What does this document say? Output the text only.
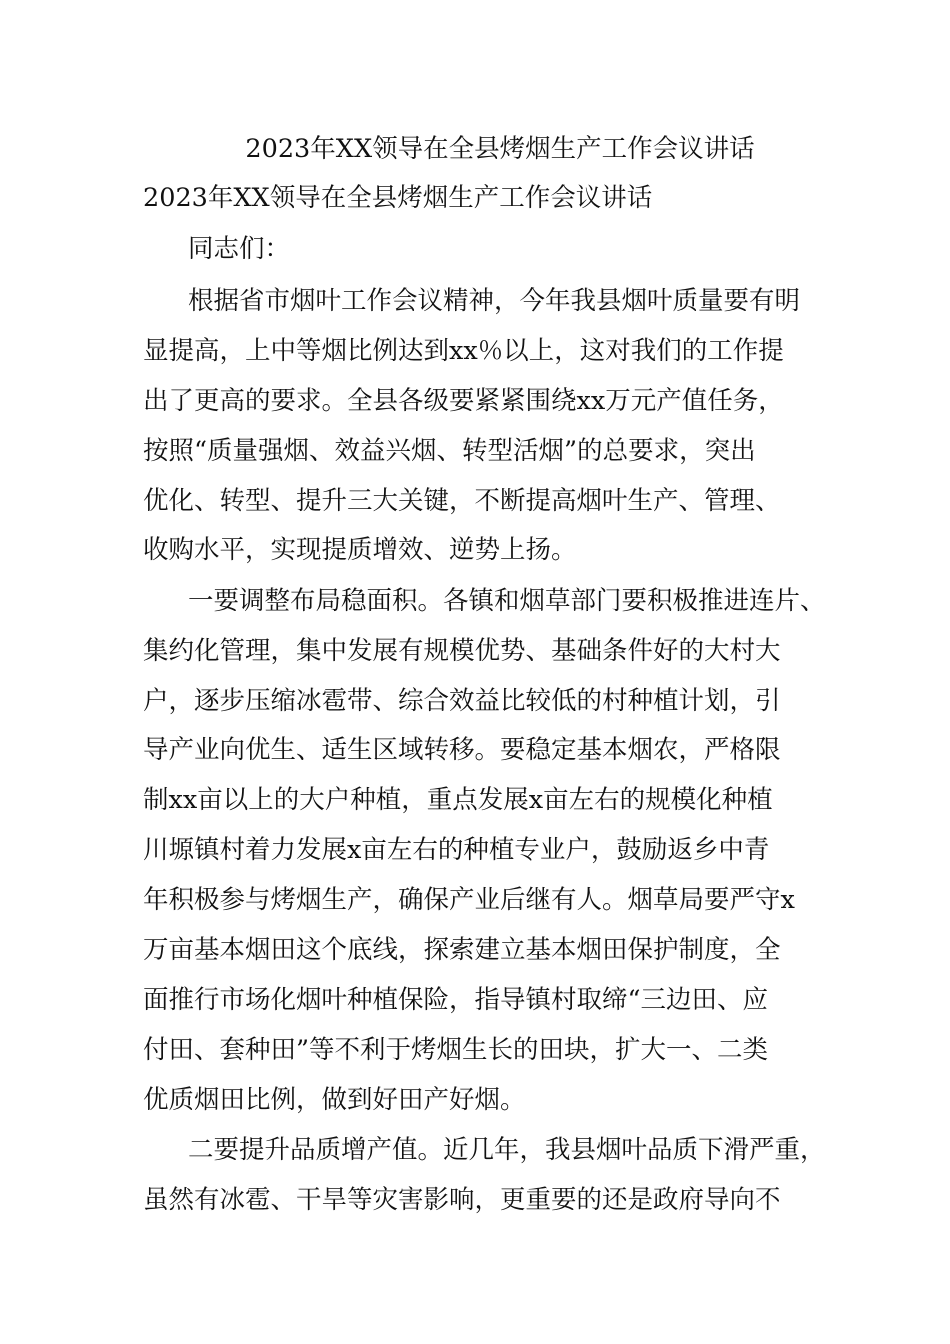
2023年XX领导在全县烤烟生产工作会议讲话
2023年XX领导在全县烤烟生产工作会议讲话
同志们：
根据省市烟叶工作会议精神，今年我县烟叶质量要有明
显提高，上中等烟比例达到xx％以上，这对我们的工作提
出了更高的要求。全县各级要紧紧围绕xx万元产值任务，
按照“质量强烟、效益兴烟、转型活烟”的总要求，突出
优化、转型、提升三大关键，不断提高烟叶生产、管理、
收购水平，实现提质增效、逆势上扬。
一要调整布局稳面积。各镇和烟草部门要积极推进连片、
集约化管理，集中发展有规模优势、基础条件好的大村大
户，逐步压缩冰雹带、综合效益比较低的村种植计划，引
导产业向优生、适生区域转移。要稳定基本烟农，严格限
制xx亩以上的大户种植，重点发展x亩左右的规模化种植
川塬镇村着力发展x亩左右的种植专业户，鼓励返乡中青
年积极参与烤烟生产，确保产业后继有人。烟草局要严守x
万亩基本烟田这个底线，探索建立基本烟田保护制度，全
面推行市场化烟叶种植保险，指导镇村取缔“三边田、应
付田、套种田”等不利于烤烟生长的田块，扩大一、二类
优质烟田比例，做到好田产好烟。
二要提升品质增产值。近几年，我县烟叶品质下滑严重，
虽然有冰雹、干旱等灾害影响，更重要的还是政府导向不
